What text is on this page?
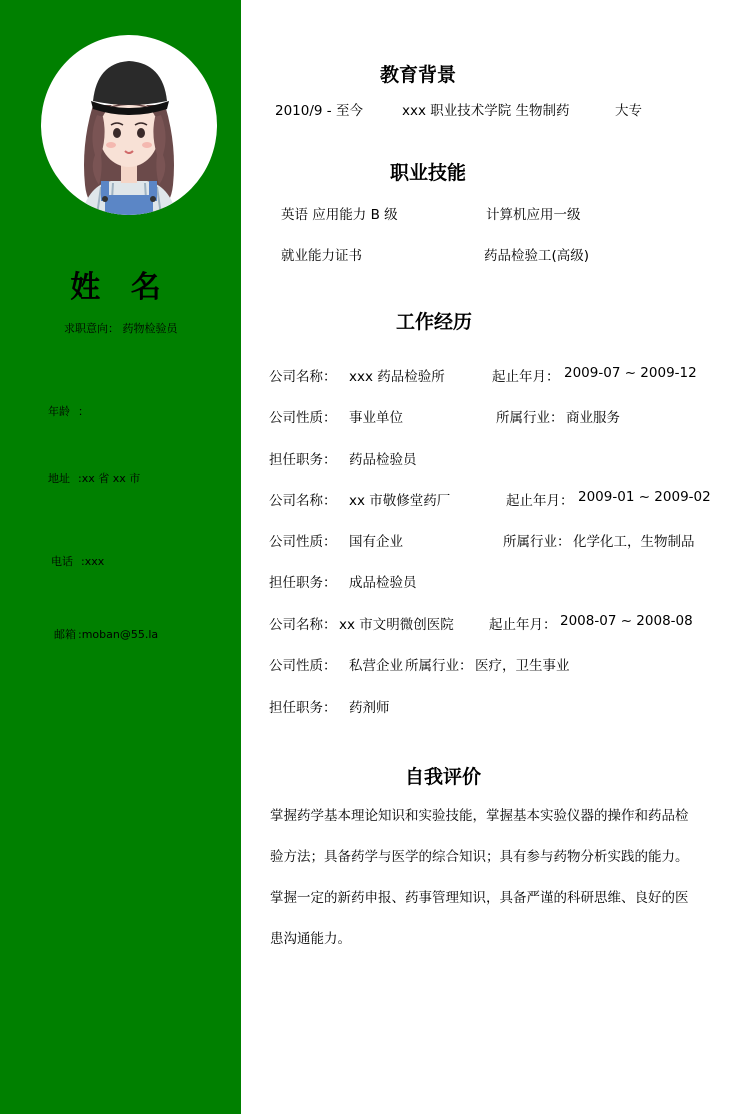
姓 名
求职意向： 药物检验员
年龄 ：
地址 :xx 省 xx 市
电话 :xxx
邮箱 :moban@55.la
教育背景
2010/9 - 至今	xxx 职业技术学院 生物制药	大专
职业技能
英语 应用能力 B 级	计算机应用一级
就业能力证书	药品检验工(高级)
工作经历
公司名称： xxx 药品检验所	起止年月： 2009-07 ~ 2009-12
公司性质： 事业单位	所属行业： 商业服务
担任职务： 药品检验员
公司名称： xx 市敬修堂药厂	起止年月： 2009-01 ~ 2009-02
公司性质： 国有企业	所属行业： 化学化工，生物制品
担任职务： 成品检验员
公司名称： xx 市文明微创医院	起止年月： 2008-07 ~ 2008-08
公司性质： 私营企业 所属行业： 医疗，卫生事业
担任职务： 药剂师
自我评价
掌握药学基本理论知识和实验技能，掌握基本实验仪器的操作和药品检
验方法；具备药学与医学的综合知识；具有参与药物分析实践的能力。
掌握一定的新药申报、药事管理知识，具备严谨的科研思维、良好的医
患沟通能力。
